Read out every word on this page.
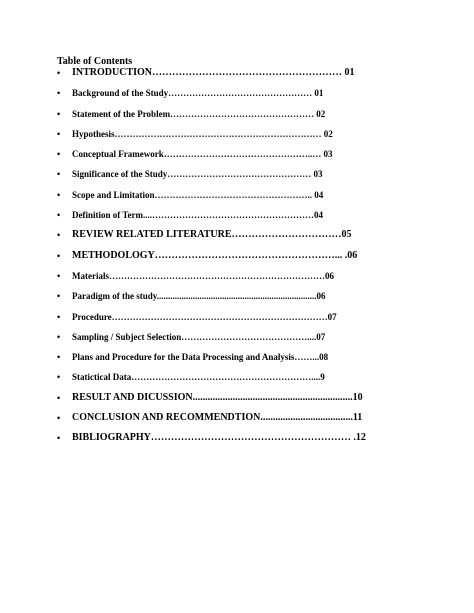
Table of Contents
• INTRODUCTION………………………………………………… 01
• Background of the Study………………………………………… 01
• Statement of the Problem………………………………………… 02
• Hypothesis…………………………………………………………… 02
• Conceptual Framework…………………………………………..… 03
• Significance of the Study………………………………………… 03
• Scope and Limitation…………………………………………….. 04
• Definition of Term....………………………………………………04
• REVIEW RELATED LITERATURE……………………………05
• METHODOLOGY………………………………………………... .06
• Materials………………………………………………………………06
• Paradigm of the study.......................................................................06
• Procedure………………………………………………………………07
• Sampling / Subject Selection……………………………………....07
• Plans and Procedure for the Data Processing and Analysis……...08
• Statictical Data……………………………………………………....9
• RESULT AND DICUSSION................................................................10
• CONCLUSION AND RECOMMENDTION.....................................11
• BIBLIOGRAPHY…………………………………………………… .12
